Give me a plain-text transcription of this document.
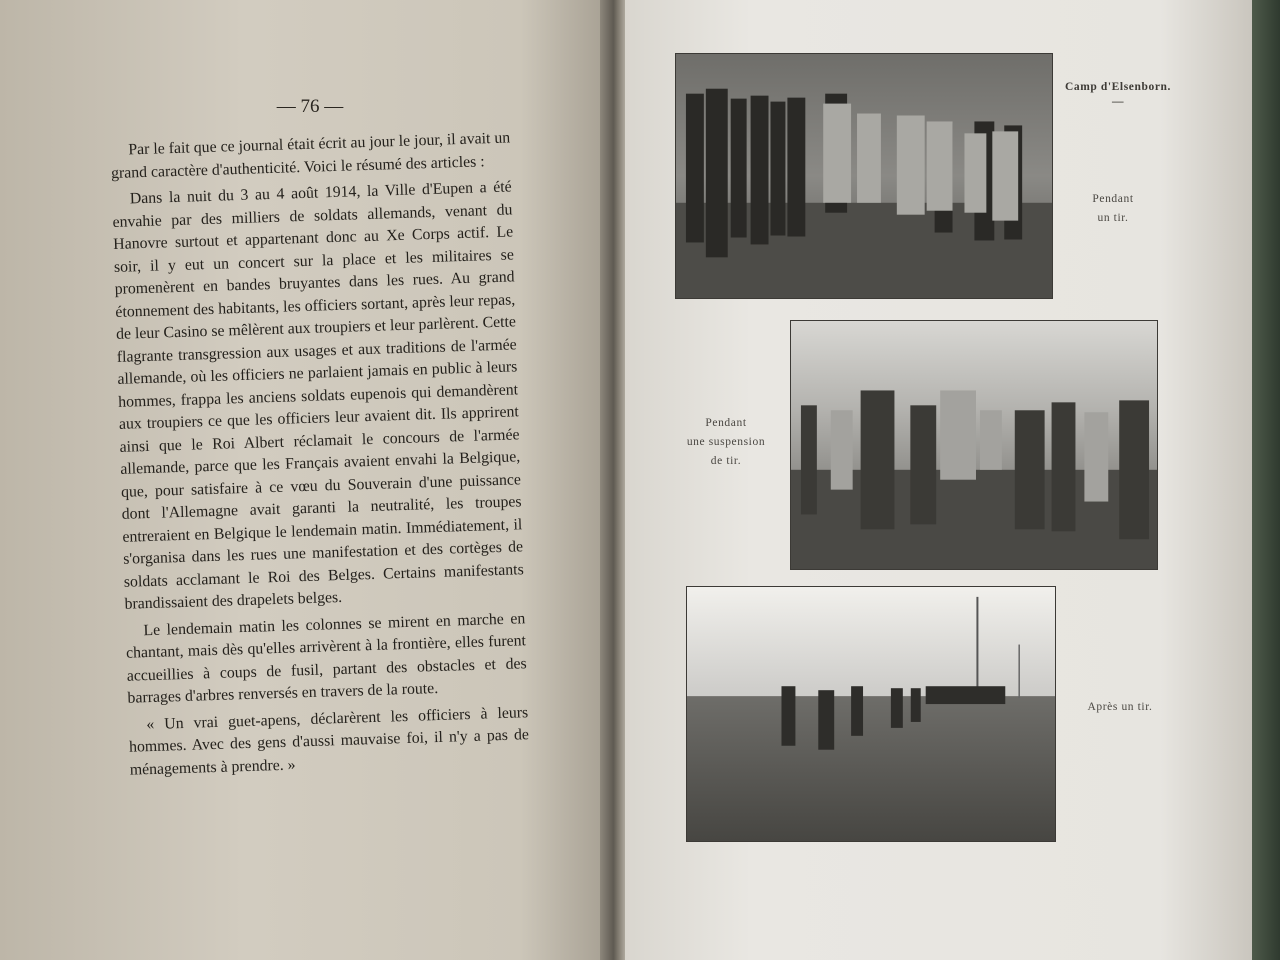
— 76 —

Par le fait que ce journal était écrit au jour le jour, il avait un grand caractère d'authenticité. Voici le résumé des articles :

Dans la nuit du 3 au 4 août 1914, la Ville d'Eupen a été envahie par des milliers de soldats allemands, venant du Hanovre surtout et appartenant donc au Xe Corps actif. Le soir, il y eut un concert sur la place et les militaires se promenèrent en bandes bruyantes dans les rues. Au grand étonnement des habitants, les officiers sortant, après leur repas, de leur Casino se mêlèrent aux troupiers et leur parlèrent. Cette flagrante transgression aux usages et aux traditions de l'armée allemande, où les officiers ne parlaient jamais en public à leurs hommes, frappa les anciens soldats eupenois qui demandèrent aux troupiers ce que les officiers leur avaient dit. Ils apprirent ainsi que le Roi Albert réclamait le concours de l'armée allemande, parce que les Français avaient envahi la Belgique, que, pour satisfaire à ce vœu du Souverain d'une puissance dont l'Allemagne avait garanti la neutralité, les troupes entreraient en Belgique le lendemain matin. Immédiatement, il s'organisa dans les rues une manifestation et des cortèges de soldats acclamant le Roi des Belges. Certains manifestants brandissaient des drapelets belges.

Le lendemain matin les colonnes se mirent en marche en chantant, mais dès qu'elles arrivèrent à la frontière, elles furent accueillies à coups de fusil, partant des obstacles et des barrages d'arbres renversés en travers de la route.

« Un vrai guet-apens, déclarèrent les officiers à leurs hommes. Avec des gens d'aussi mauvaise foi, il n'y a pas de ménagements à prendre. »

Camp d'Elsenborn.
—
Pendant
un tir.
Pendant
une suspension
de tir.
Après un tir.
